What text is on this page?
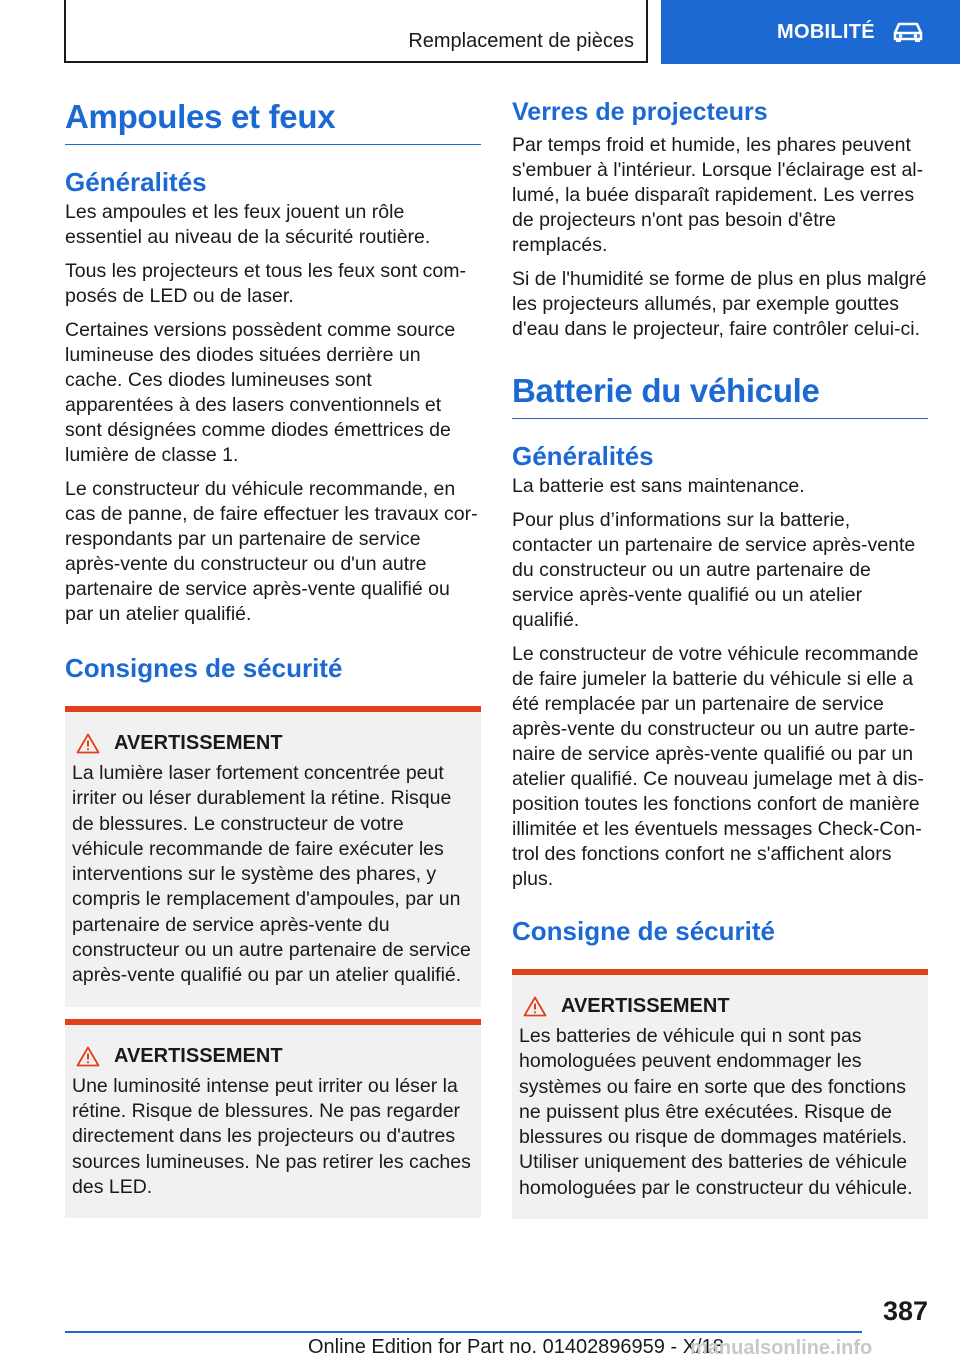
Remplacement de pièces	MOBILITÉ
Ampoules et feux
Généralités

Les ampoules et les feux jouent un rôle essentiel au niveau de la sécurité routière.

Tous les projecteurs et tous les feux sont composés de LED ou de laser.

Certaines versions possèdent comme source lumineuse des diodes situées derrière un cache. Ces diodes lumineuses sont apparentées à des lasers conventionnels et sont désignées comme diodes émettrices de lumière de classe 1.

Le constructeur du véhicule recommande, en cas de panne, de faire effectuer les travaux correspondants par un partenaire de service après-vente du constructeur ou d'un autre partenaire de service après-vente qualifié ou par un atelier qualifié.

Consignes de sécurité
AVERTISSEMENT

La lumière laser fortement concentrée peut irriter ou léser durablement la rétine. Risque de blessures. Le constructeur de votre véhicule recommande de faire exécuter les interventions sur le système des phares, y compris le remplacement d'ampoules, par un partenaire de service après-vente du constructeur ou un autre partenaire de service après-vente qualifié ou par un atelier qualifié.

AVERTISSEMENT

Une luminosité intense peut irriter ou léser la rétine. Risque de blessures. Ne pas regarder directement dans les projecteurs ou d'autres sources lumineuses. Ne pas retirer les caches des LED.

Verres de projecteurs

Par temps froid et humide, les phares peuvent s'embuer à l'intérieur. Lorsque l'éclairage est allumé, la buée disparaît rapidement. Les verres de projecteurs n'ont pas besoin d'être remplacés.

Si de l'humidité se forme de plus en plus malgré les projecteurs allumés, par exemple gouttes d'eau dans le projecteur, faire contrôler celui-ci.

Batterie du véhicule
Généralités

La batterie est sans maintenance.

Pour plus d’informations sur la batterie, contacter un partenaire de service après-vente du constructeur ou un autre partenaire de service après-vente qualifié ou un atelier qualifié.

Le constructeur de votre véhicule recommande de faire jumeler la batterie du véhicule si elle a été remplacée par un partenaire de service après-vente du constructeur ou un autre partenaire de service après-vente qualifié ou par un atelier qualifié. Ce nouveau jumelage met à disposition toutes les fonctions confort de manière illimitée et les éventuels messages Check-Control des fonctions confort ne s'affichent alors plus.

Consigne de sécurité
AVERTISSEMENT

Les batteries de véhicule qui n sont pas homologuées peuvent endommager les systèmes ou faire en sorte que des fonctions ne puissent plus être exécutées. Risque de blessures ou risque de dommages matériels. Utiliser uniquement des batteries de véhicule homologuées par le constructeur du véhicule.

387
Online Edition for Part no. 01402896959 - X/18
manualsonline.info
